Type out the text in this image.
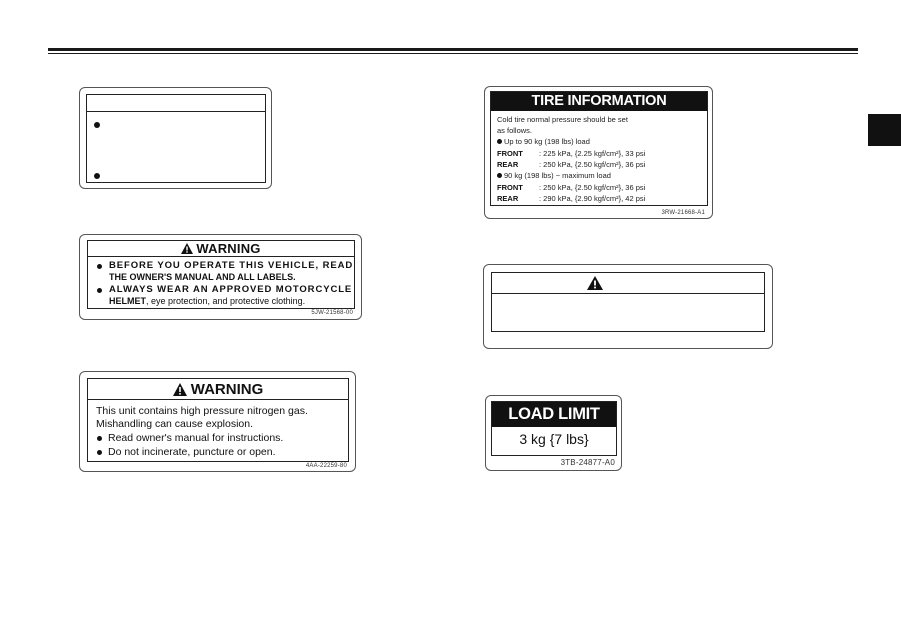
WARNING
BEFORE YOU OPERATE THIS VEHICLE, READ
THE OWNER'S MANUAL AND ALL LABELS.
ALWAYS WEAR AN APPROVED MOTORCYCLE
HELMET, eye protection, and protective clothing.
5JW-21568-00
WARNING
This unit contains high pressure nitrogen gas.
Mishandling can cause explosion.
Read owner's manual for instructions.
Do not incinerate, puncture or open.
4AA-22259-80
TIRE INFORMATION
Cold tire normal pressure should be set
as follows.
Up to 90 kg (198 lbs) load
FRONT : 225 kPa, {2.25 kgf/cm²}, 33 psi
REAR	: 250 kPa, {2.50 kgf/cm²}, 36 psi
90 kg (198 lbs) ~ maximum load
FRONT : 250 kPa, {2.50 kgf/cm²}, 36 psi
REAR	: 290 kPa, {2.90 kgf/cm²}, 42 psi
3RW-21668-A1
LOAD LIMIT
3 kg {7 lbs}
3TB-24877-A0
